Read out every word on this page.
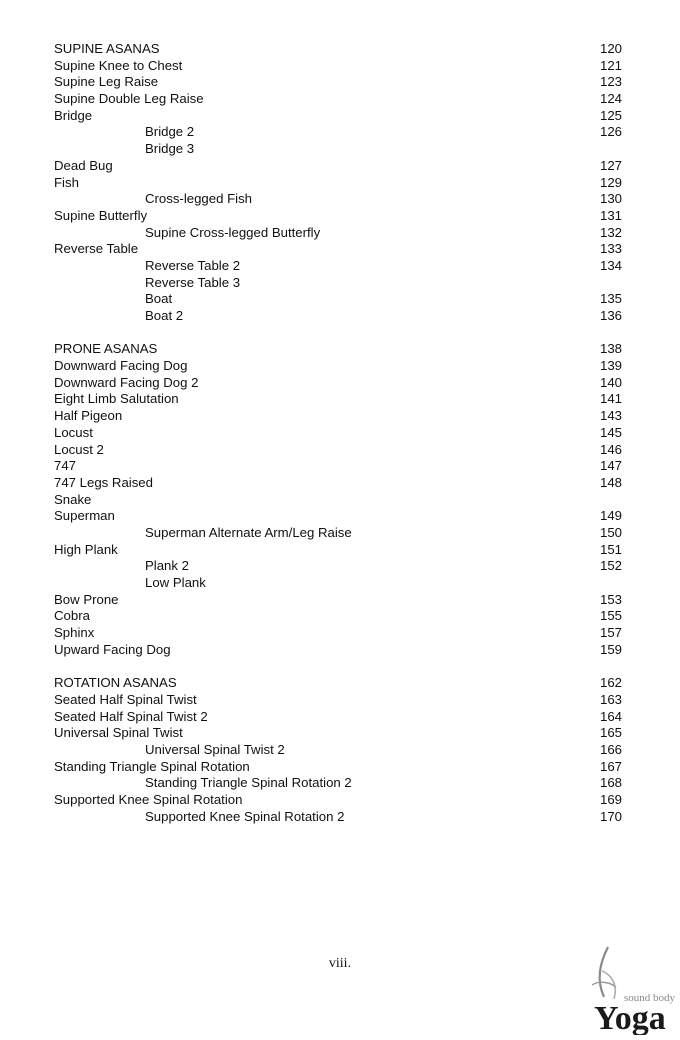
SUPINE ASANAS	120
Supine Knee to Chest	121
Supine Leg Raise	123
Supine Double Leg Raise	124
Bridge	125
Bridge 2	126
Bridge 3
Dead Bug	127
Fish	129
Cross-legged Fish	130
Supine Butterfly	131
Supine Cross-legged Butterfly	132
Reverse Table	133
Reverse Table 2	134
Reverse Table 3
Boat	135
Boat 2	136
PRONE ASANAS	138
Downward Facing Dog	139
Downward Facing Dog 2	140
Eight Limb Salutation	141
Half Pigeon	143
Locust	145
Locust 2	146
747	147
747 Legs Raised	148
Snake
Superman	149
Superman Alternate Arm/Leg Raise	150
High Plank	151
Plank 2	152
Low Plank
Bow Prone	153
Cobra	155
Sphinx	157
Upward Facing Dog	159
ROTATION ASANAS	162
Seated Half Spinal Twist	163
Seated Half Spinal Twist 2	164
Universal Spinal Twist	165
Universal Spinal Twist 2	166
Standing Triangle Spinal Rotation	167
Standing Triangle Spinal Rotation 2	168
Supported Knee Spinal Rotation	169
Supported Knee Spinal Rotation 2	170
viii.
sound body
Yoga
